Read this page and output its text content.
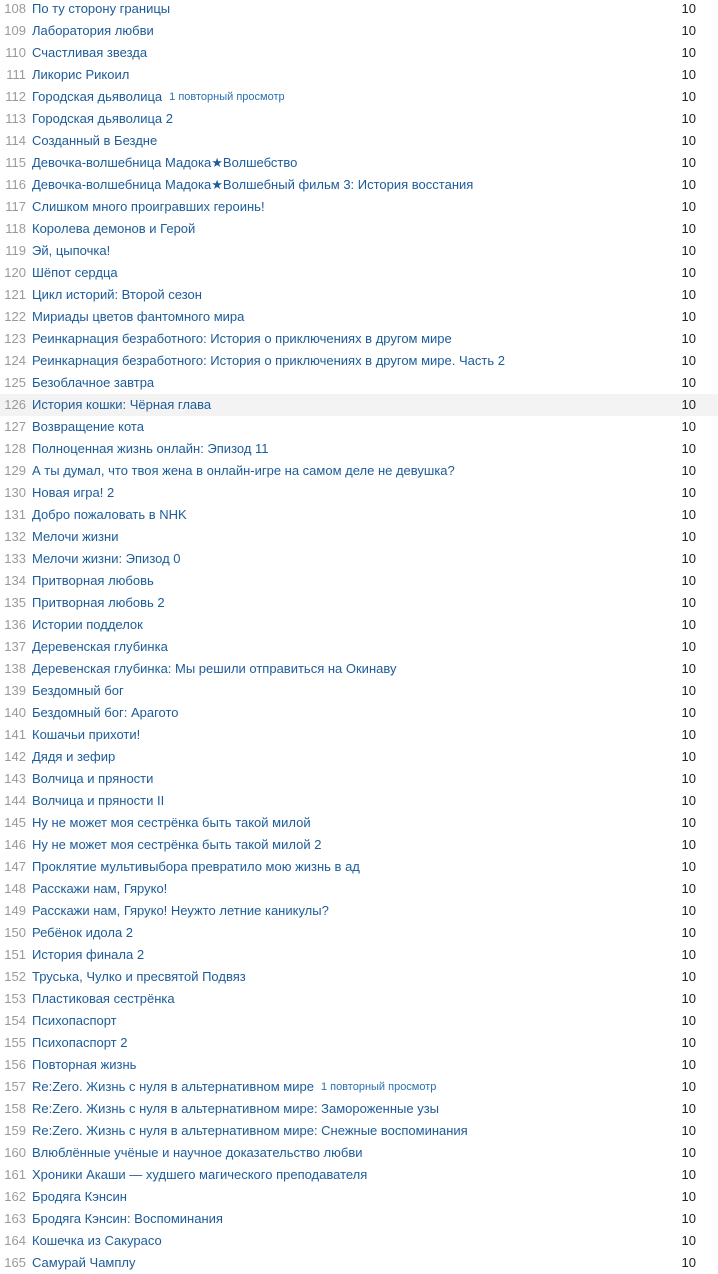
108 По ту сторону границы	10
109 Лаборатория любви	10
110 Счастливая звезда	10
111 Ликорис Рикоил	10
112 Городская дьяволица 1 повторный просмотр	10
113 Городская дьяволица 2	10
114 Созданный в Бездне	10
115 Девочка-волшебница Мадока★Волшебство	10
116 Девочка-волшебница Мадока★Волшебный фильм 3: История восстания	10
117 Слишком много проигравших героинь!	10
118 Королева демонов и Герой	10
119 Эй, цыпочка!	10
120 Шёпот сердца	10
121 Цикл историй: Второй сезон	10
122 Мириады цветов фантомного мира	10
123 Реинкарнация безработного: История о приключениях в другом мире	10
124 Реинкарнация безработного: История о приключениях в другом мире. Часть 2	10
125 Безоблачное завтра	10
126 История кошки: Чёрная глава	10
127 Возвращение кота	10
128 Полноценная жизнь онлайн: Эпизод 11	10
129 А ты думал, что твоя жена в онлайн-игре на самом деле не девушка?	10
130 Новая игра! 2	10
131 Добро пожаловать в NHK	10
132 Мелочи жизни	10
133 Мелочи жизни: Эпизод 0	10
134 Притворная любовь	10
135 Притворная любовь 2	10
136 Истории подделок	10
137 Деревенская глубинка	10
138 Деревенская глубинка: Мы решили отправиться на Окинаву	10
139 Бездомный бог	10
140 Бездомный бог: Арагото	10
141 Кошачьи прихоти!	10
142 Дядя и зефир	10
143 Волчица и пряности	10
144 Волчица и пряности II	10
145 Ну не может моя сестрёнка быть такой милой	10
146 Ну не может моя сестрёнка быть такой милой 2	10
147 Проклятие мультивыбора превратило мою жизнь в ад	10
148 Расскажи нам, Гяруко!	10
149 Расскажи нам, Гяруко! Неужто летние каникулы?	10
150 Ребёнок идола 2	10
151 История финала 2	10
152 Труська, Чулко и пресвятой Подвяз	10
153 Пластиковая сестрёнка	10
154 Психопаспорт	10
155 Психопаспорт 2	10
156 Повторная жизнь	10
157 Re:Zero. Жизнь с нуля в альтернативном мире 1 повторный просмотр	10
158 Re:Zero. Жизнь с нуля в альтернативном мире: Замороженные узы	10
159 Re:Zero. Жизнь с нуля в альтернативном мире: Снежные воспоминания	10
160 Влюблённые учёные и научное доказательство любви	10
161 Хроники Акаши — худшего магического преподавателя	10
162 Бродяга Кэнсин	10
163 Бродяга Кэнсин: Воспоминания	10
164 Кошечка из Сакурасо	10
165 Самурай Чамплу	10
